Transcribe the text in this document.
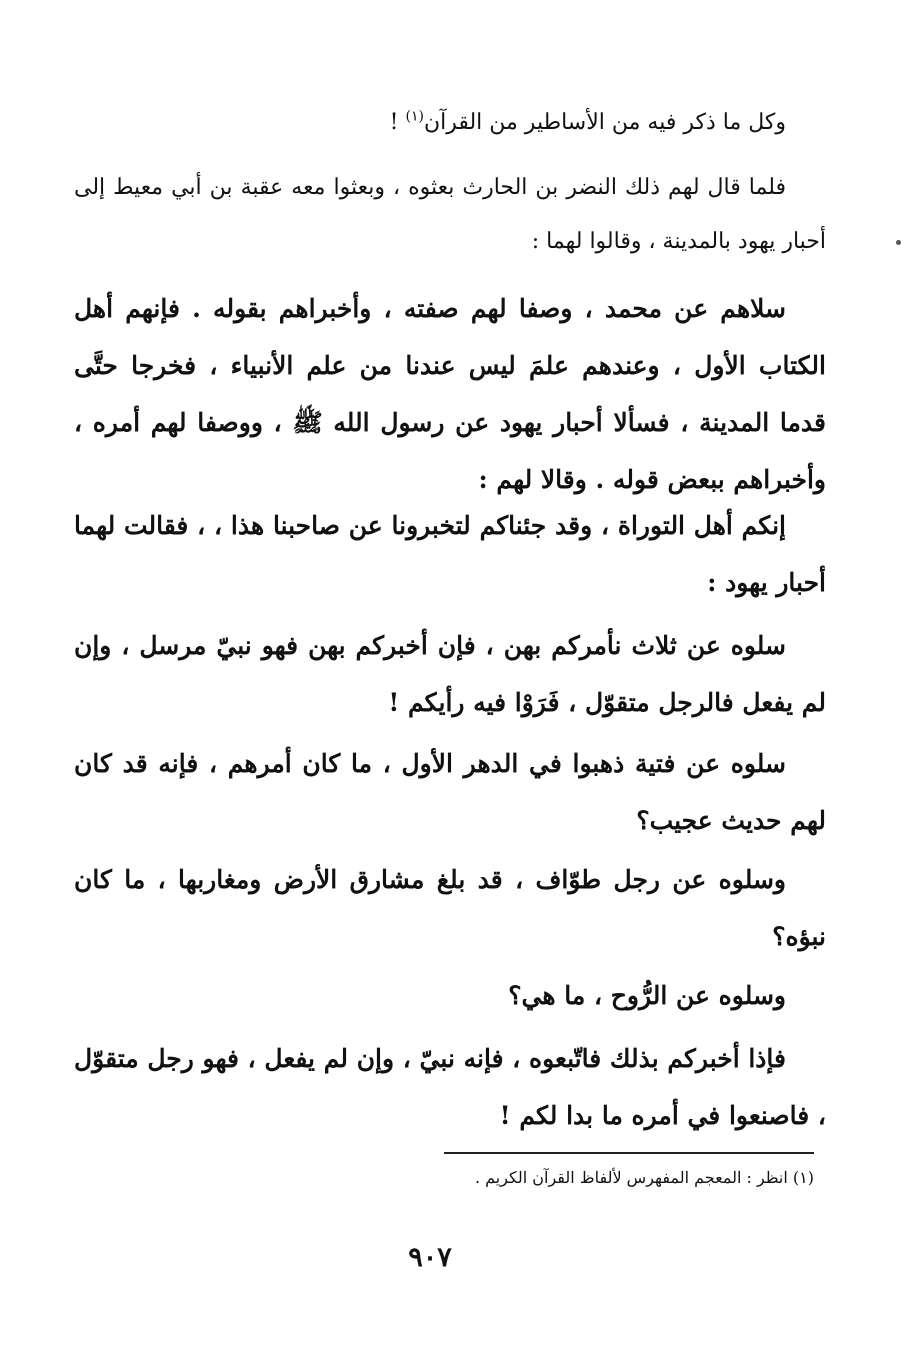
وكل ما ذكر فيه من الأساطير من القرآن$^{(١)}$ !

فلما قال لهم ذلك النضر بن الحارث بعثوه ، وبعثوا معه عقبة بن أبي معيط إلى أحبار يهود بالمدينة ، وقالوا لهما :

سلاهم عن محمد ، وصفا لهم صفته ، وأخبراهم بقوله . فإنهم أهل الكتاب الأول ، وعندهم علمَ ليس عندنا من علم الأنبياء ، فخرجا حتَّى قدما المدينة ، فسألا أحبار يهود عن رسول الله ﷺ ، ووصفا لهم أمره ، وأخبراهم ببعض قوله . وقالا لهم :

إنكم أهل التوراة ، وقد جئناكم لتخبرونا عن صاحبنا هذا ، ، فقالت لهما أحبار يهود :

سلوه عن ثلاث نأمركم بهن ، فإن أخبركم بهن فهو نبيّ مرسل ، وإن لم يفعل فالرجل متقوّل ، فَرَوْا فيه رأيكم !

سلوه عن فتية ذهبوا في الدهر الأول ، ما كان أمرهم ، فإنه قد كان لهم حديث عجيب؟

وسلوه عن رجل طوّاف ، قد بلغ مشارق الأرض ومغاربها ، ما كان نبؤه؟

وسلوه عن الرُّوح ، ما هي؟

فإذا أخبركم بذلك فاتّبعوه ، فإنه نبيّ ، وإن لم يفعل ، فهو رجل متقوّل ، فاصنعوا في أمره ما بدا لكم !

(١) انظر : المعجم المفهرس لألفاظ القرآن الكريم .
٩٠٧
